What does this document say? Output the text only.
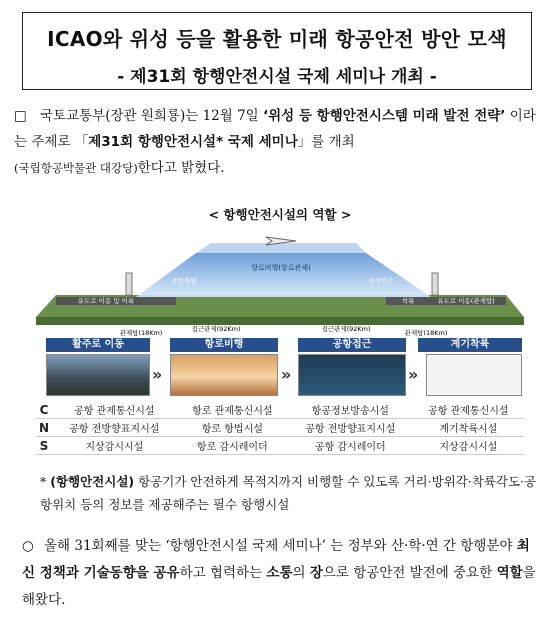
ICAO와 위성 등을 활용한 미래 항공안전 방안 모색
- 제31회 항행안전시설 국제 세미나 개최 -
□ 국토교통부(장관 원희룡)는 12월 7일 ‘위성 등 항행안전시스템 미래 발전 전략’ 이라는 주제로 「제31회 항행안전시설* 국제 세미나」를 개최
(국립항공박물관 대강당)한다고 밝혔다.
< 항행안전시설의 역할 >
항로비행(항로관제)
유도로 이동 및 이륙
공항출발	공항접근
착륙	유도로 이동(관제탑)
관제탑(18Km)	접근관제(92Km)	접근관제(92Km)	관제탑(18Km)
활주로 이동	항로비행	공항접근	계기착륙
»	»	»
C	공항 관제통신시설	항로 관제통신시설	항공정보방송시설	공항 관제통신시설
N	공항 전방향표지시설	항로 항법시설	공항 전방향표지시설	계기착륙시설
S	지상감시시설	항로 감시레이더	공항 감시레이더	지상감시시설
* (항행안전시설) 항공기가 안전하게 목적지까지 비행할 수 있도록 거리·방위각·착륙각도·공항위치 등의 정보를 제공해주는 필수 항행시설
○ 올해 31회째를 맞는 ‘항행안전시설 국제 세미나’ 는 정부와 산·학·연 간 항행분야 최신 정책과 기술동향을 공유하고 협력하는 소통의 장으로 항공안전 발전에 중요한 역할을 해왔다.
